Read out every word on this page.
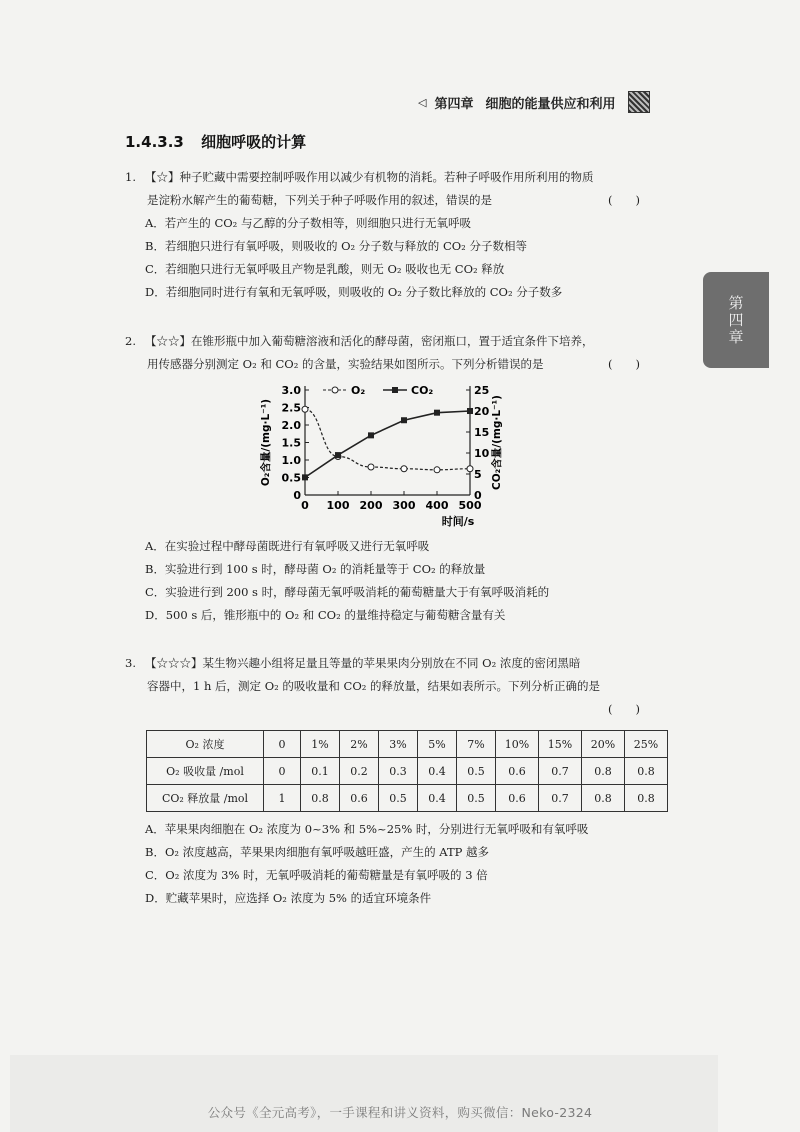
◁ 第四章 细胞的能量供应和利用
1.4.3.3 细胞呼吸的计算
第四章
1. 【☆】种子贮藏中需要控制呼吸作用以减少有机物的消耗。若种子呼吸作用所利用的物质
是淀粉水解产生的葡萄糖，下列关于种子呼吸作用的叙述，错误的是	(　　)
A．若产生的 CO₂ 与乙醇的分子数相等，则细胞只进行无氧呼吸
B．若细胞只进行有氧呼吸，则吸收的 O₂ 分子数与释放的 CO₂ 分子数相等
C．若细胞只进行无氧呼吸且产物是乳酸，则无 O₂ 吸收也无 CO₂ 释放
D．若细胞同时进行有氧和无氧呼吸，则吸收的 O₂ 分子数比释放的 CO₂ 分子数多
2. 【☆☆】在锥形瓶中加入葡萄糖溶液和活化的酵母菌，密闭瓶口，置于适宜条件下培养，
用传感器分别测定 O₂ 和 CO₂ 的含量，实验结果如图所示。下列分析错误的是	(　　)
0
0.5
1.0
1.5
2.0
2.5
3.0
0
5
10
15
20
25
0 100 200 300 400 500
时间/s
O₂含量/(mg·L⁻¹)	CO₂含量/(mg·L⁻¹)
O₂	CO₂
A．在实验过程中酵母菌既进行有氧呼吸又进行无氧呼吸
B．实验进行到 100 s 时，酵母菌 O₂ 的消耗量等于 CO₂ 的释放量
C．实验进行到 200 s 时，酵母菌无氧呼吸消耗的葡萄糖量大于有氧呼吸消耗的
D．500 s 后，锥形瓶中的 O₂ 和 CO₂ 的量维持稳定与葡萄糖含量有关
3. 【☆☆☆】某生物兴趣小组将足量且等量的苹果果肉分别放在不同 O₂ 浓度的密闭黑暗
容器中，1 h 后，测定 O₂ 的吸收量和 CO₂ 的释放量，结果如表所示。下列分析正确的是
(　　)
O₂ 浓度	0	1%	2%	3%	5%	7%	10%	15%	20%	25%
O₂ 吸收量 /mol	0	0.1	0.2	0.3	0.4	0.5	0.6	0.7	0.8	0.8
CO₂ 释放量 /mol	1	0.8	0.6	0.5	0.4	0.5	0.6	0.7	0.8	0.8
A．苹果果肉细胞在 O₂ 浓度为 0~3% 和 5%~25% 时，分别进行无氧呼吸和有氧呼吸
B．O₂ 浓度越高，苹果果肉细胞有氧呼吸越旺盛，产生的 ATP 越多
C．O₂ 浓度为 3% 时，无氧呼吸消耗的葡萄糖量是有氧呼吸的 3 倍
D．贮藏苹果时，应选择 O₂ 浓度为 5% 的适宜环境条件
公众号《全元高考》，一手课程和讲义资料，购买微信：Neko-2324
